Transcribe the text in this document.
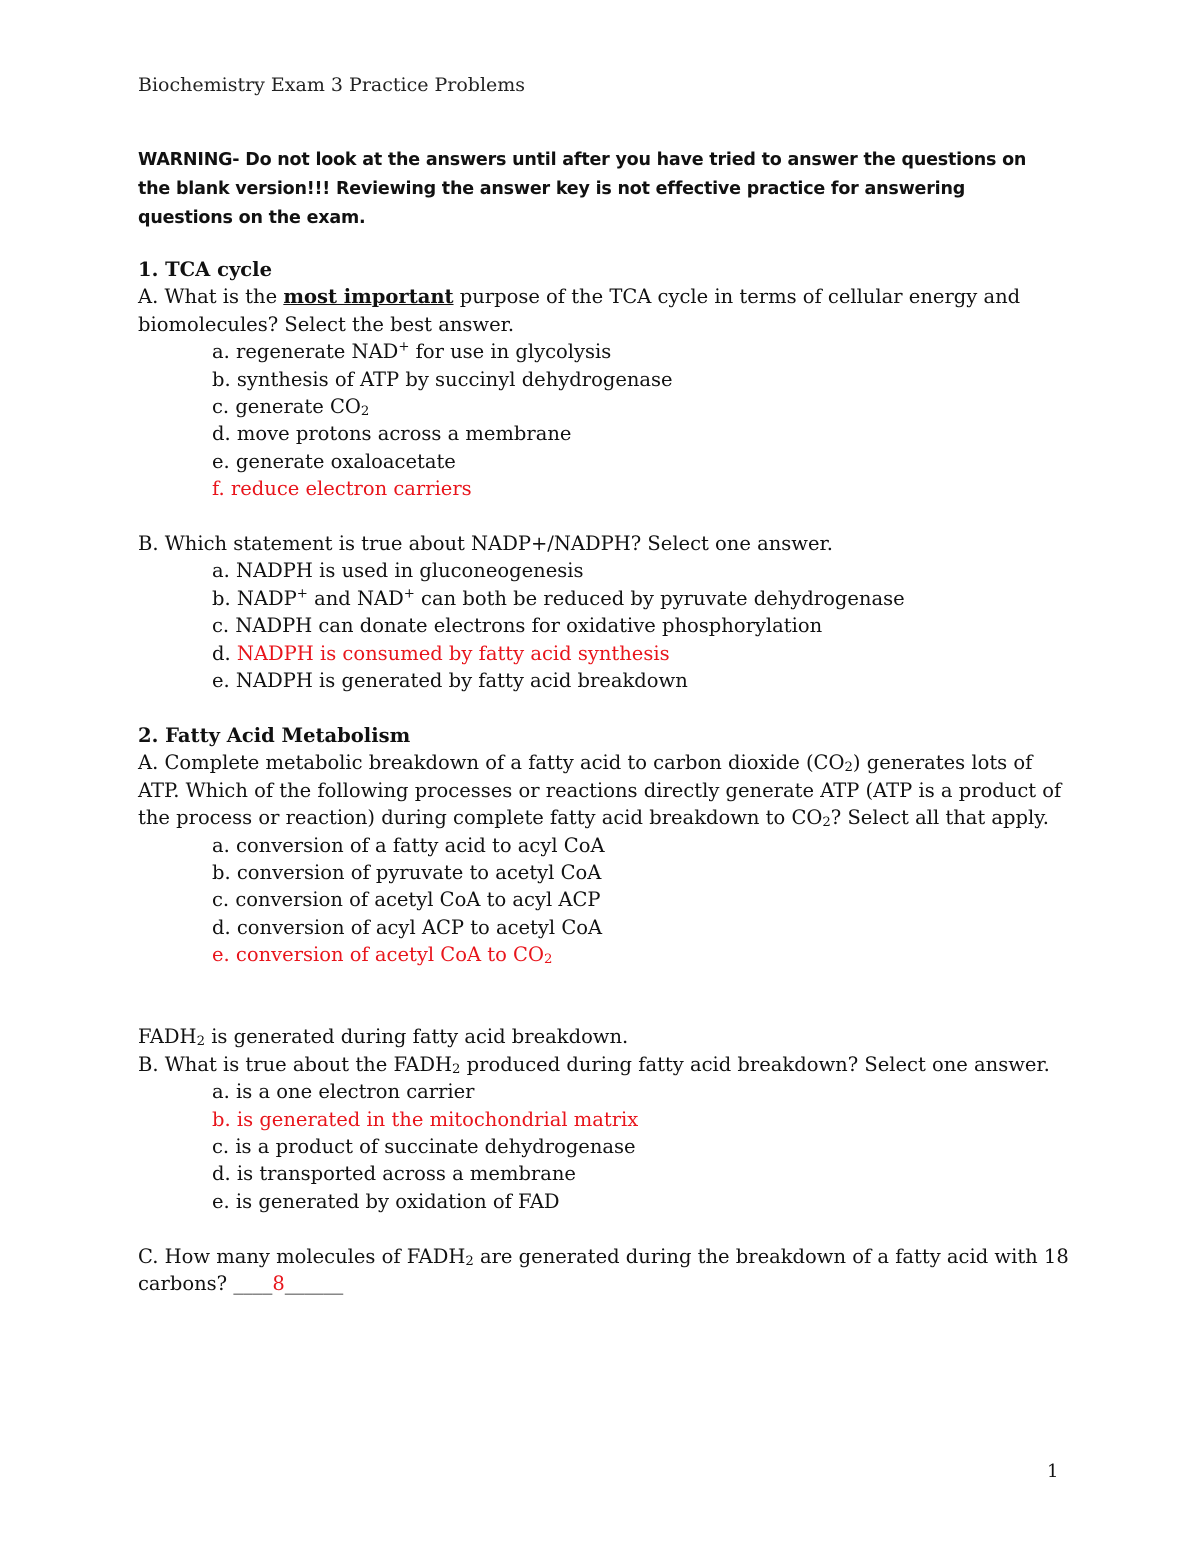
Biochemistry Exam 3 Practice Problems
WARNING- Do not look at the answers until after you have tried to answer the questions on the blank version!!! Reviewing the answer key is not effective practice for answering questions on the exam.

1. TCA cycle

A. What is the most important purpose of the TCA cycle in terms of cellular energy and biomolecules? Select the best answer.

a. regenerate NAD+ for use in glycolysis

b. synthesis of ATP by succinyl dehydrogenase

c. generate $CO_2$

d. move protons across a membrane

e. generate oxaloacetate

f. reduce electron carriers

B. Which statement is true about NADP+/NADPH? Select one answer.

a. NADPH is used in gluconeogenesis

b. NADP+ and NAD+ can both be reduced by pyruvate dehydrogenase

c. NADPH can donate electrons for oxidative phosphorylation

d. NADPH is consumed by fatty acid synthesis

e. NADPH is generated by fatty acid breakdown

2. Fatty Acid Metabolism

A. Complete metabolic breakdown of a fatty acid to carbon dioxide $(CO_2)$ generates lots of ATP. Which of the following processes or reactions directly generate ATP (ATP is a product of the process or reaction) during complete fatty acid breakdown to $CO_2$? Select all that apply.

a. conversion of a fatty acid to acyl CoA

b. conversion of pyruvate to acetyl CoA

c. conversion of acetyl CoA to acyl ACP

d. conversion of acyl ACP to acetyl CoA

e. conversion of acetyl CoA to $CO_2$

$FADH_2$ is generated during fatty acid breakdown.

B. What is true about the $FADH_2$ produced during fatty acid breakdown? Select one answer.

a. is a one electron carrier

b. is generated in the mitochondrial matrix

c. is a product of succinate dehydrogenase

d. is transported across a membrane

e. is generated by oxidation of FAD

C. How many molecules of $FADH_2$ are generated during the breakdown of a fatty acid with 18 carbons? ____8______

1
